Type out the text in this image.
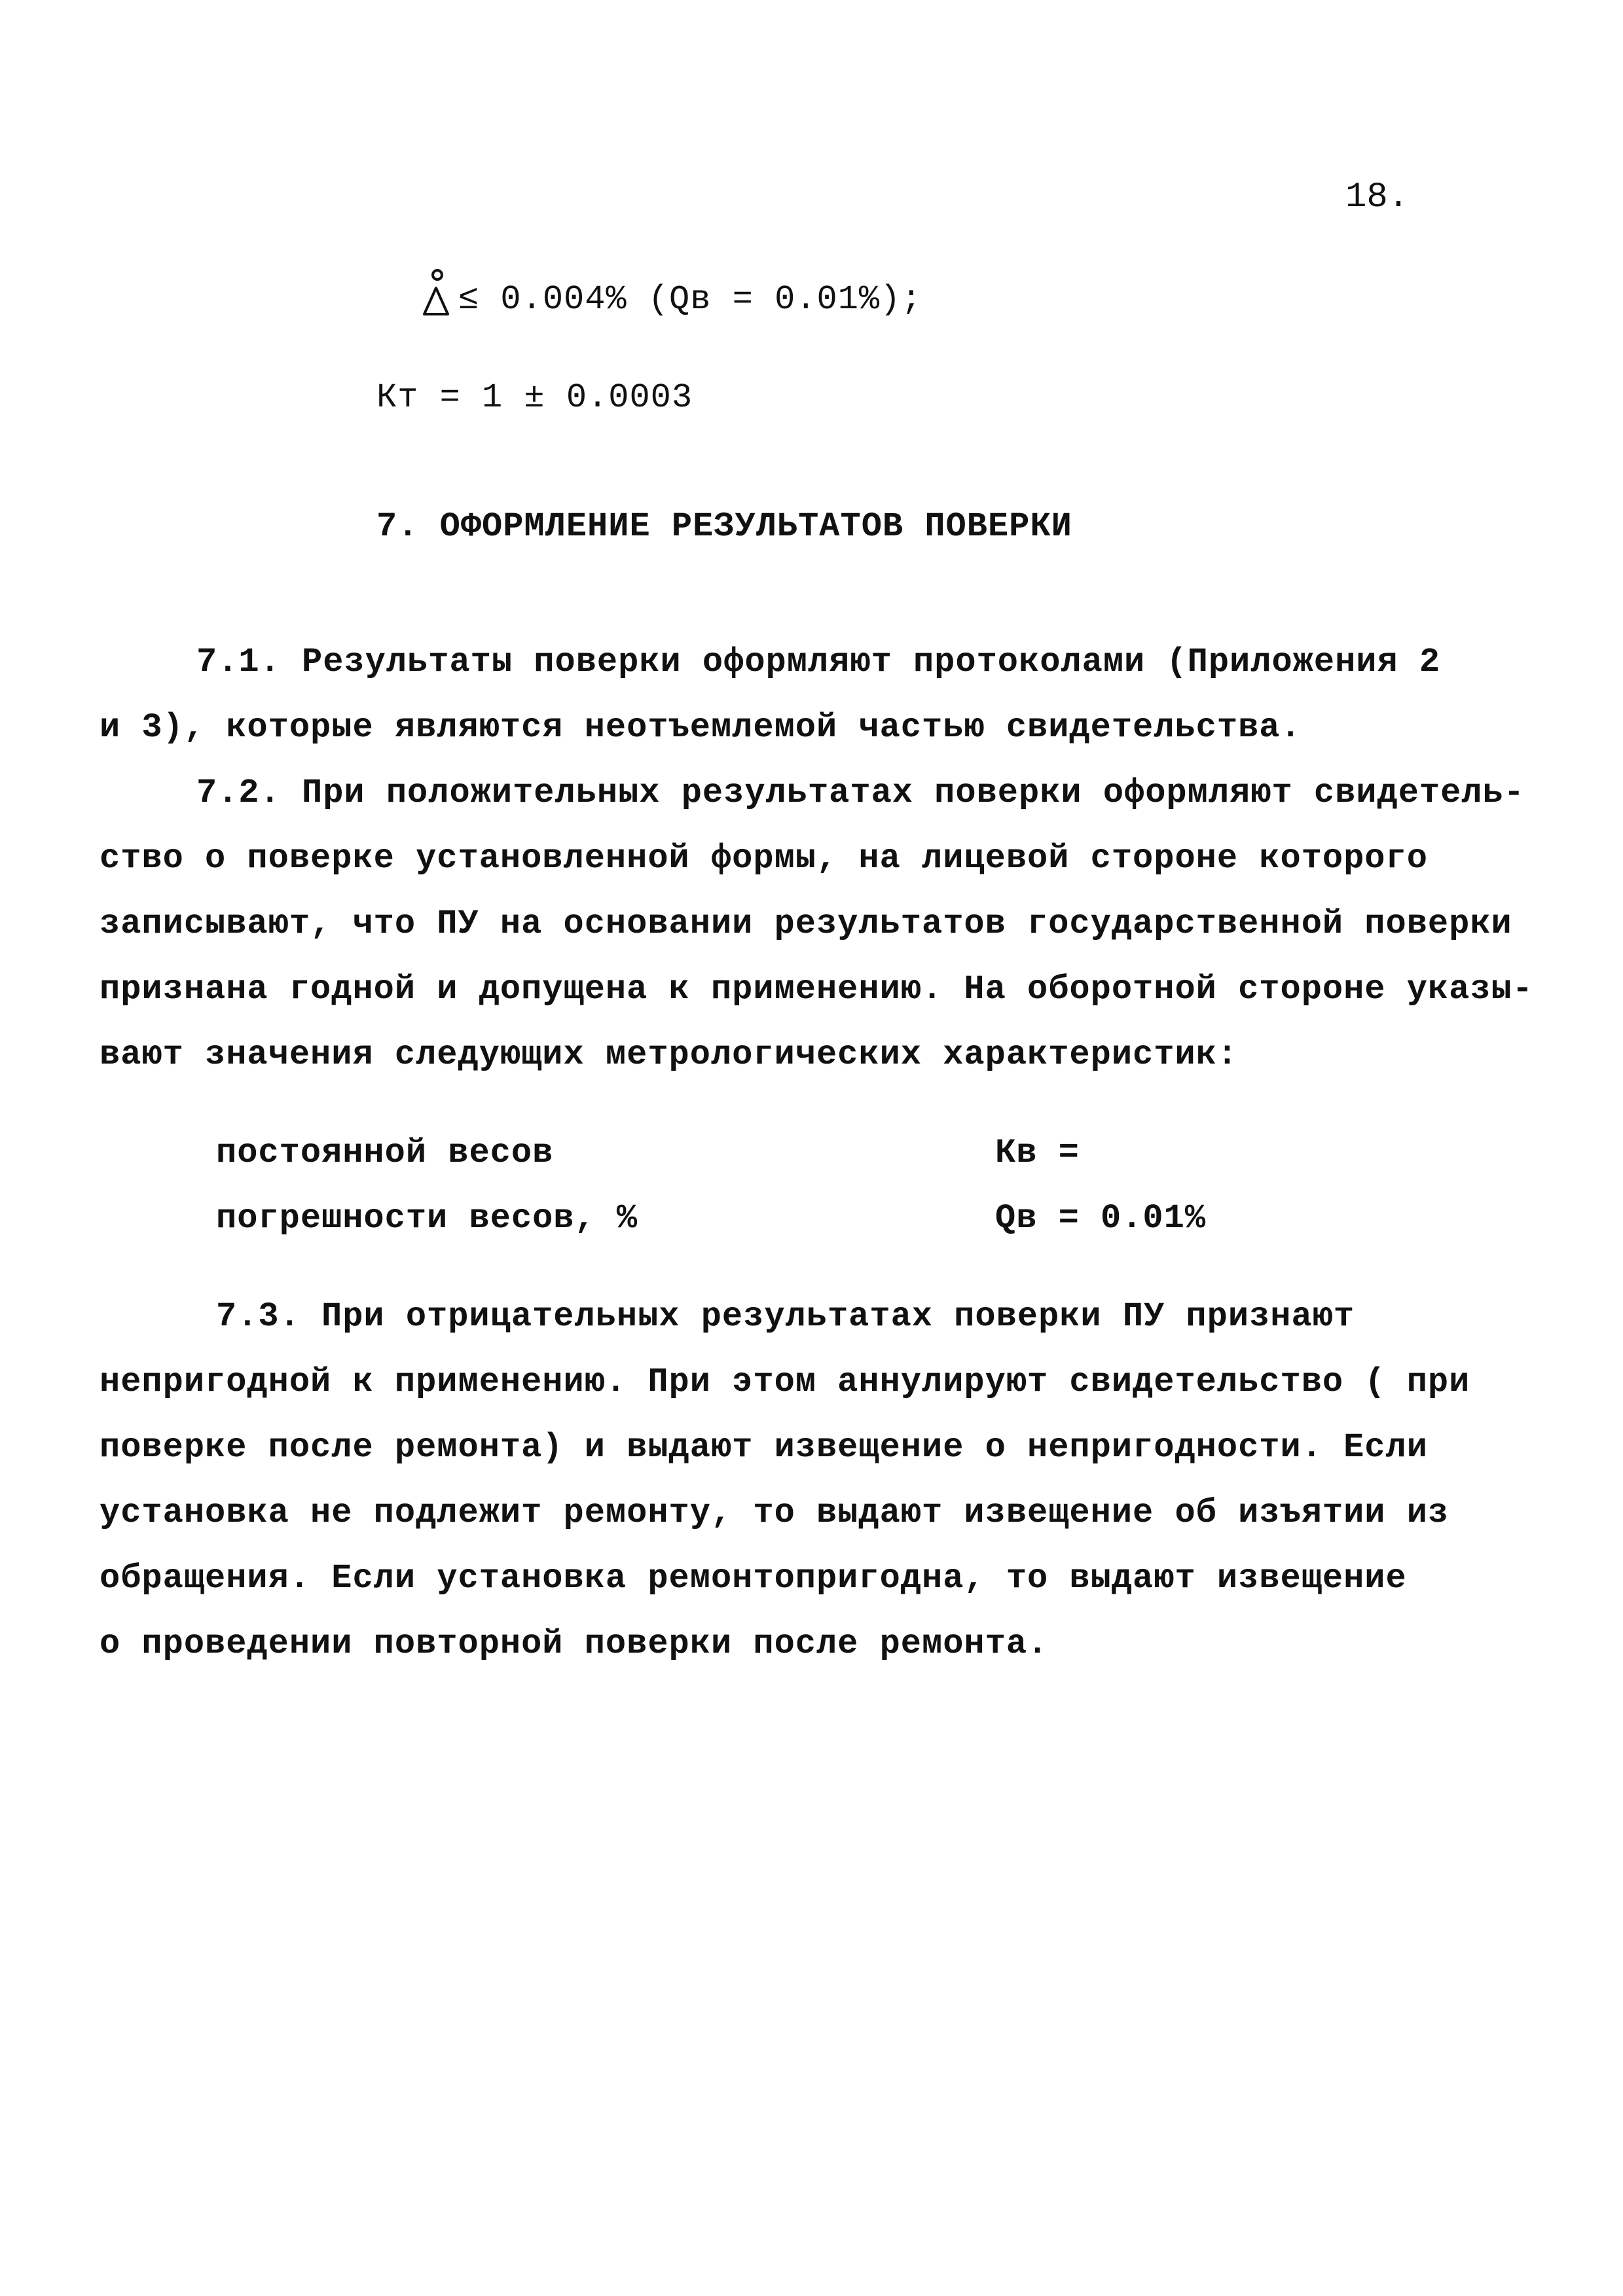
18.
≤ 0.004% (Qв = 0.01%);
Кт = 1 ± 0.0003
7. ОФОРМЛЕНИЕ РЕЗУЛЬТАТОВ ПОВЕРКИ
7.1. Результаты поверки оформляют протоколами (Приложения 2
и 3), которые являются неотъемлемой частью свидетельства.
7.2. При положительных результатах поверки оформляют свидетель-
ство о поверке установленной формы, на лицевой стороне которого
записывают, что ПУ на основании результатов государственной поверки
признана годной и допущена к применению. На оборотной стороне указы-
вают значения следующих метрологических характеристик:
постоянной весов	Кв =
погрешности весов, %	Qв = 0.01%
7.3. При отрицательных результатах поверки ПУ признают
непригодной к применению. При этом аннулируют свидетельство ( при
поверке после ремонта) и выдают извещение о непригодности. Если
установка не подлежит ремонту, то выдают извещение об изъятии из
обращения. Если установка ремонтопригодна, то выдают извещение
о проведении повторной поверки после ремонта.
